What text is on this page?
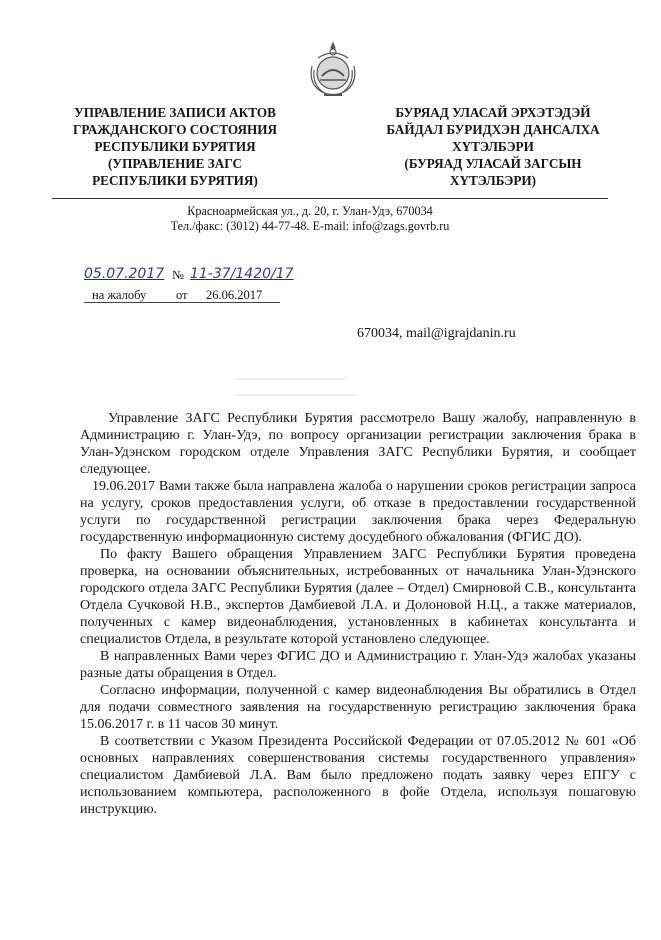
УПРАВЛЕНИЕ ЗАПИСИ АКТОВ
ГРАЖДАНСКОГО СОСТОЯНИЯ
РЕСПУБЛИКИ БУРЯТИЯ
(УПРАВЛЕНИЕ ЗАГС
РЕСПУБЛИКИ БУРЯТИЯ)
БУРЯАД УЛАСАЙ ЭРХЭТЭДЭЙ
БАЙДАЛ БУРИДХЭН ДАНСАЛХА
ХҮТЭЛБЭРИ
(БУРЯАД УЛАСАЙ ЗАГСЫН
ХҮТЭЛБЭРИ)
Красноармейская ул., д. 20, г. Улан-Удэ, 670034
Тел./факс: (3012) 44-77-48. E-mail: info@zags.govrb.ru
05.07.2017 № 11-37/1420/17
на жалобу от 26.06.2017
670034, mail@igrajdanin.ru

Управление ЗАГС Республики Бурятия рассмотрело Вашу жалобу, направленную в Администрацию г. Улан-Удэ, по вопросу организации регистрации заключения брака в Улан-Удэнском городском отделе Управления ЗАГС Республики Бурятия, и сообщает следующее.

19.06.2017 Вами также была направлена жалоба о нарушении сроков регистрации запроса на услугу, сроков предоставления услуги, об отказе в предоставлении государственной услуги по государственной регистрации заключения брака через Федеральную государственную информационную систему досудебного обжалования (ФГИС ДО).

По факту Вашего обращения Управлением ЗАГС Республики Бурятия проведена проверка, на основании объяснительных, истребованных от начальника Улан-Удэнского городского отдела ЗАГС Республики Бурятия (далее – Отдел) Смирновой С.В., консультанта Отдела Сучковой Н.В., экспертов Дамбиевой Л.А. и Долоновой Н.Ц., а также материалов, полученных с камер видеонаблюдения, установленных в кабинетах консультанта и специалистов Отдела, в результате которой установлено следующее.

В направленных Вами через ФГИС ДО и Администрацию г. Улан-Удэ жалобах указаны разные даты обращения в Отдел.

Согласно информации, полученной с камер видеонаблюдения Вы обратились в Отдел для подачи совместного заявления на государственную регистрацию заключения брака 15.06.2017 г. в 11 часов 30 минут.

В соответствии с Указом Президента Российской Федерации от 07.05.2012 № 601 «Об основных направлениях совершенствования системы государственного управления» специалистом Дамбиевой Л.А. Вам было предложено подать заявку через ЕПГУ с использованием компьютера, расположенного в фойе Отдела, используя пошаговую инструкцию.
